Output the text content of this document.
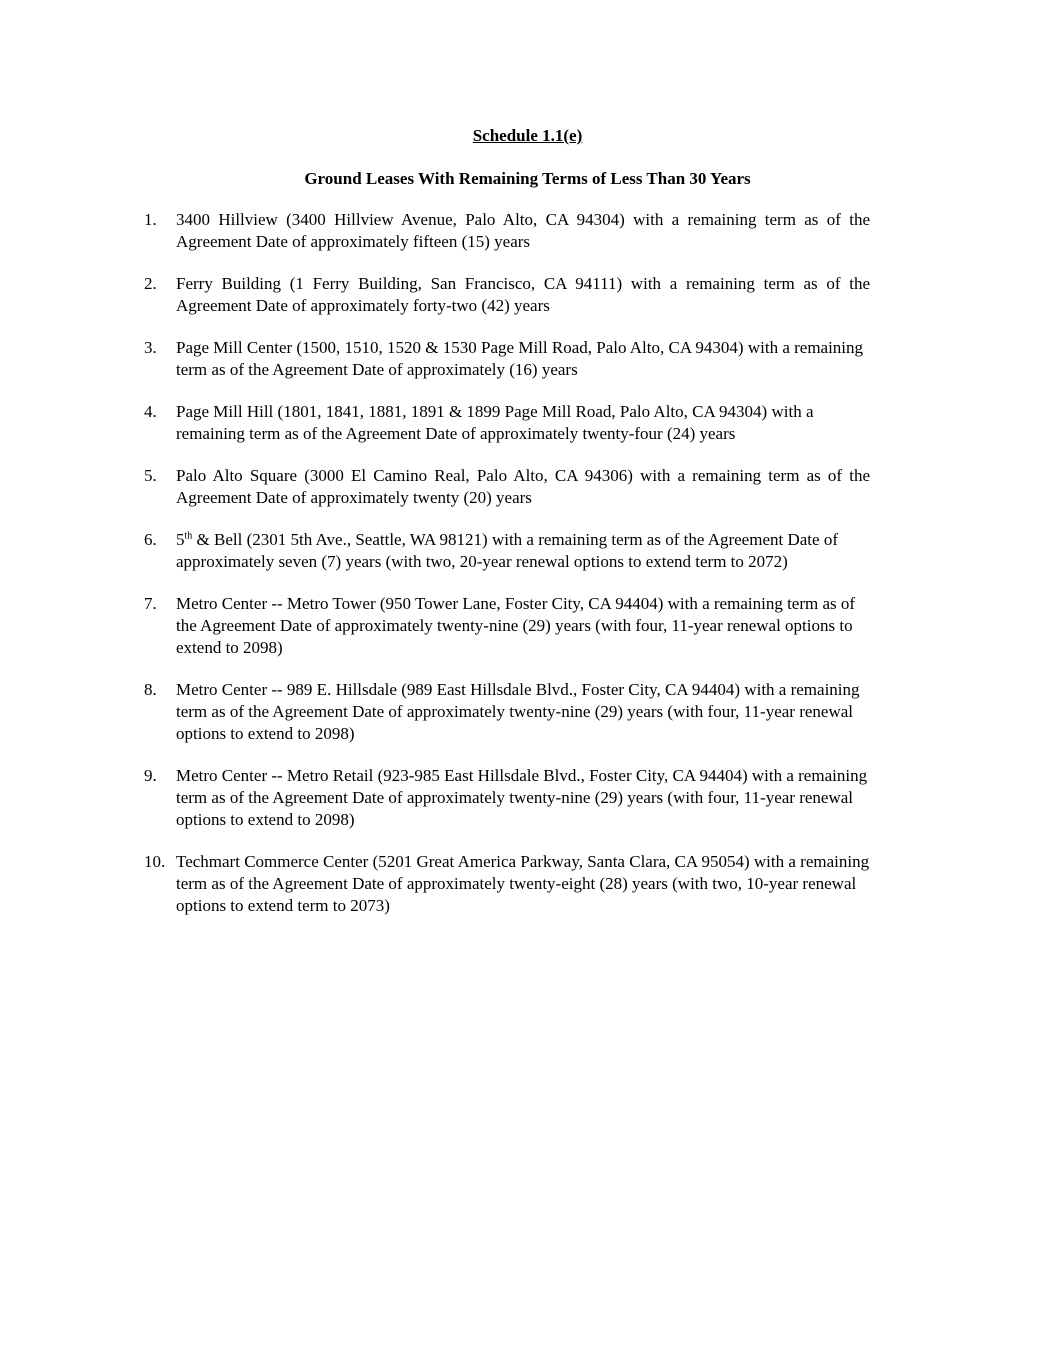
Schedule 1.1(e)
Ground Leases With Remaining Terms of Less Than 30 Years
1. 3400 Hillview (3400 Hillview Avenue, Palo Alto, CA 94304) with a remaining term as of the Agreement Date of approximately fifteen (15) years
2. Ferry Building (1 Ferry Building, San Francisco, CA 94111) with a remaining term as of the Agreement Date of approximately forty-two (42) years
3. Page Mill Center (1500, 1510, 1520 & 1530 Page Mill Road, Palo Alto, CA 94304) with a remaining term as of the Agreement Date of approximately (16) years
4. Page Mill Hill (1801, 1841, 1881, 1891 & 1899 Page Mill Road, Palo Alto, CA 94304) with a remaining term as of the Agreement Date of approximately twenty-four (24) years
5. Palo Alto Square (3000 El Camino Real, Palo Alto, CA 94306) with a remaining term as of the Agreement Date of approximately twenty (20) years
6. 5th & Bell (2301 5th Ave., Seattle, WA 98121) with a remaining term as of the Agreement Date of approximately seven (7) years (with two, 20-year renewal options to extend term to 2072)
7. Metro Center -- Metro Tower (950 Tower Lane, Foster City, CA 94404) with a remaining term as of the Agreement Date of approximately twenty-nine (29) years (with four, 11-year renewal options to extend to 2098)
8. Metro Center -- 989 E. Hillsdale (989 East Hillsdale Blvd., Foster City, CA 94404) with a remaining term as of the Agreement Date of approximately twenty-nine (29) years (with four, 11-year renewal options to extend to 2098)
9. Metro Center -- Metro Retail (923-985 East Hillsdale Blvd., Foster City, CA 94404) with a remaining term as of the Agreement Date of approximately twenty-nine (29) years (with four, 11-year renewal options to extend to 2098)
10. Techmart Commerce Center (5201 Great America Parkway, Santa Clara, CA 95054) with a remaining term as of the Agreement Date of approximately twenty-eight (28) years (with two, 10-year renewal options to extend term to 2073)
